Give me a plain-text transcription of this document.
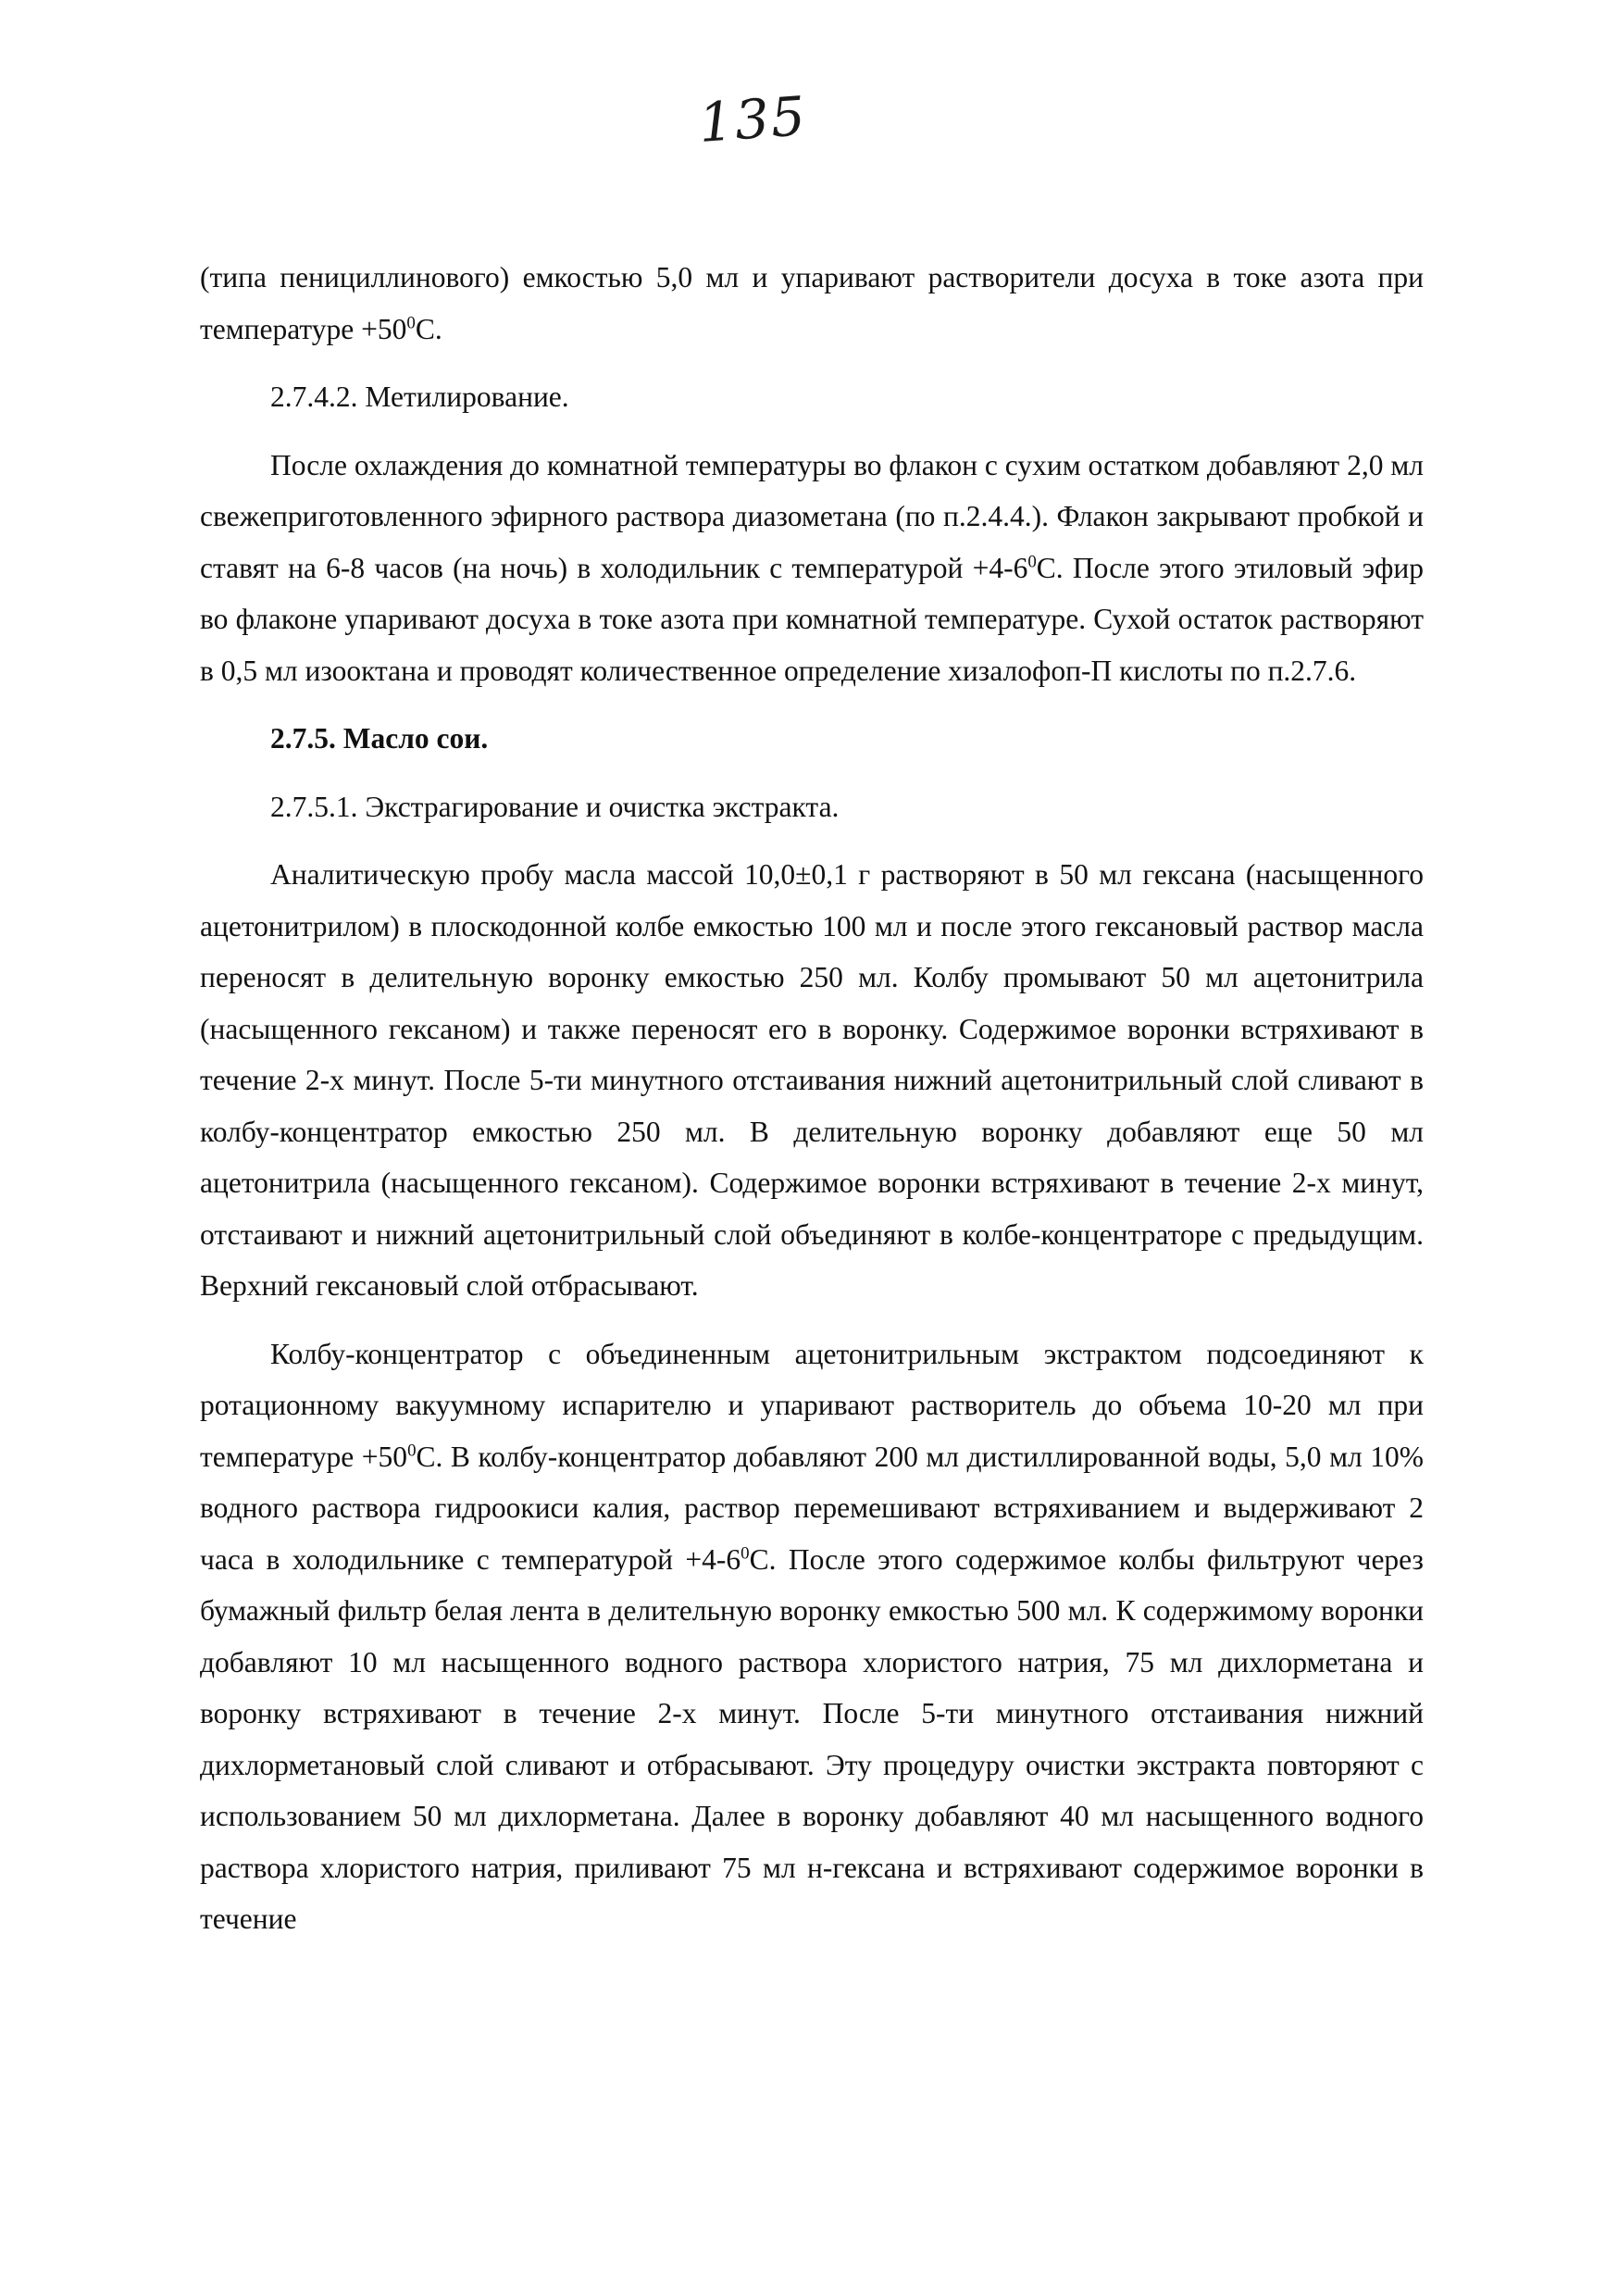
135

(типа пенициллинового) емкостью 5,0 мл и упаривают растворители досуха в токе азота при температуре $+50^0С$.

2.7.4.2. Метилирование.

После охлаждения до комнатной температуры во флакон с сухим остатком добавляют 2,0 мл свежеприготовленного эфирного раствора диазометана (по п.2.4.4.). Флакон закрывают пробкой и ставят на 6-8 часов (на ночь) в холодильник с температурой $+4-6^0С$. После этого этиловый эфир во флаконе упаривают досуха в токе азота при комнатной температуре. Сухой остаток растворяют в 0,5 мл изооктана и проводят количественное определение хизалофоп-П кислоты по п.2.7.6.

2.7.5. Масло сои.

2.7.5.1. Экстрагирование и очистка экстракта.

Аналитическую пробу масла массой 10,0±0,1 г растворяют в 50 мл гексана (насыщенного ацетонитрилом) в плоскодонной колбе емкостью 100 мл и после этого гексановый раствор масла переносят в делительную воронку емкостью 250 мл. Колбу промывают 50 мл ацетонитрила (насыщенного гексаном) и также переносят его в воронку. Содержимое воронки встряхивают в течение 2-х минут. После 5-ти минутного отстаивания нижний ацетонитрильный слой сливают в колбу-концентратор емкостью 250 мл. В делительную воронку добавляют еще 50 мл ацетонитрила (насыщенного гексаном). Содержимое воронки встряхивают в течение 2-х минут, отстаивают и нижний ацетонитрильный слой объединяют в колбе-концентраторе с предыдущим. Верхний гексановый слой отбрасывают.

Колбу-концентратор с объединенным ацетонитрильным экстрактом подсоединяют к ротационному вакуумному испарителю и упаривают растворитель до объема 10-20 мл при температуре $+50^0С$. В колбу-концентратор добавляют 200 мл дистиллированной воды, 5,0 мл 10% водного раствора гидроокиси калия, раствор перемешивают встряхиванием и выдерживают 2 часа в холодильнике с температурой $+4-6^0С$. После этого содержимое колбы фильтруют через бумажный фильтр белая лента в делительную воронку емкостью 500 мл. К содержимому воронки добавляют 10 мл насыщенного водного раствора хлористого натрия, 75 мл дихлорметана и воронку встряхивают в течение 2-х минут. После 5-ти минутного отстаивания нижний дихлорметановый слой сливают и отбрасывают. Эту процедуру очистки экстракта повторяют с использованием 50 мл дихлорметана. Далее в воронку добавляют 40 мл насыщенного водного раствора хлористого натрия, приливают 75 мл н-гексана и встряхивают содержимое воронки в течение
